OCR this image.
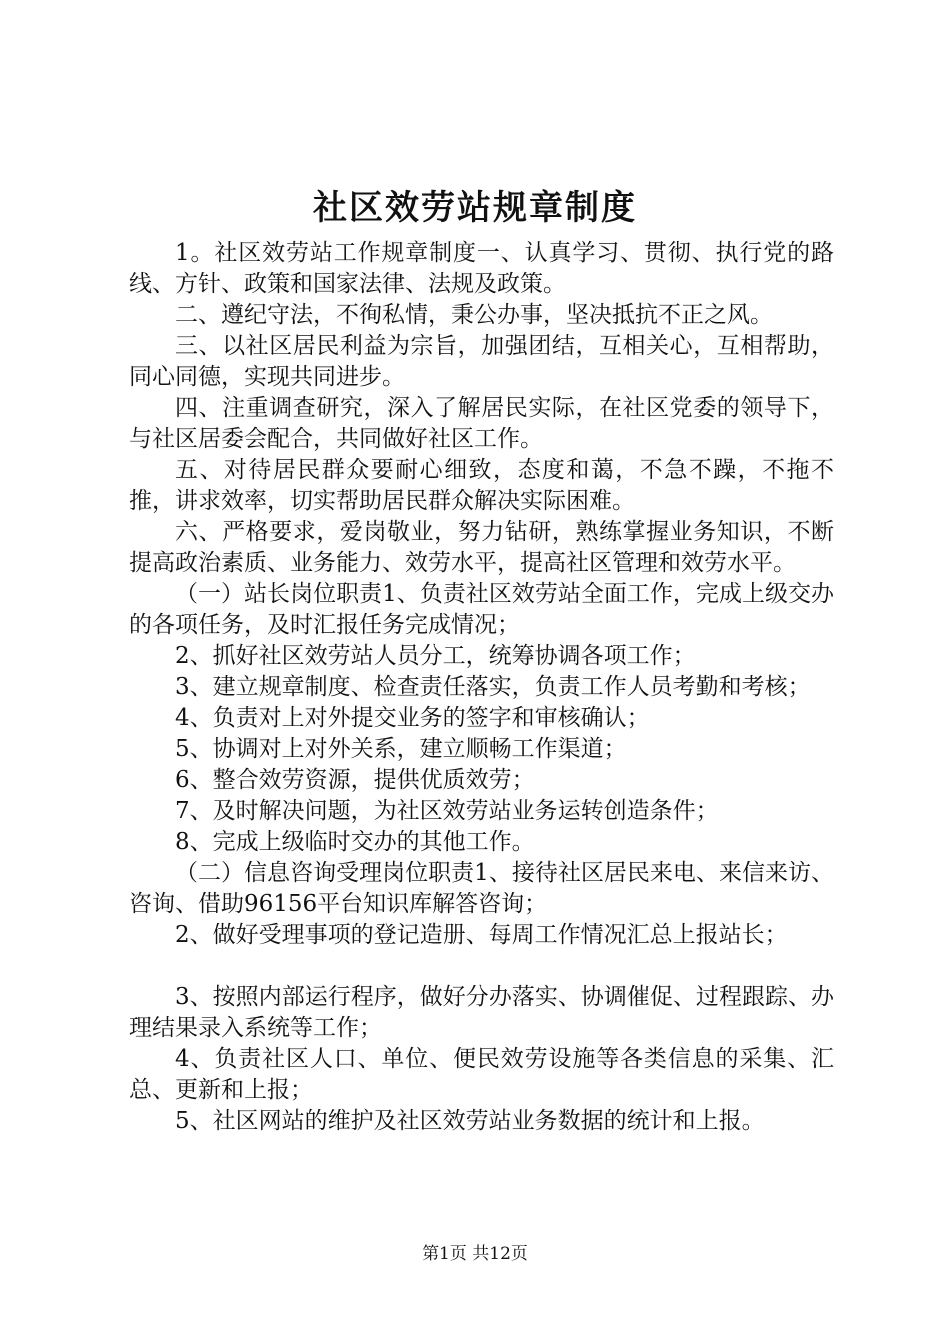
社区效劳站规章制度

1。社区效劳站工作规章制度一、认真学习、贯彻、执行党的路线、方针、政策和国家法律、法规及政策。

二、遵纪守法，不徇私情，秉公办事，坚决抵抗不正之风。

三、以社区居民利益为宗旨，加强团结，互相关心，互相帮助，同心同德，实现共同进步。

四、注重调查研究，深入了解居民实际，在社区党委的领导下，与社区居委会配合，共同做好社区工作。

五、对待居民群众要耐心细致，态度和蔼，不急不躁，不拖不推，讲求效率，切实帮助居民群众解决实际困难。

六、严格要求，爱岗敬业，努力钻研，熟练掌握业务知识，不断提高政治素质、业务能力、效劳水平，提高社区管理和效劳水平。

（一）站长岗位职责1、负责社区效劳站全面工作，完成上级交办的各项任务，及时汇报任务完成情况；

2、抓好社区效劳站人员分工，统筹协调各项工作；

3、建立规章制度、检查责任落实，负责工作人员考勤和考核；

4、负责对上对外提交业务的签字和审核确认；

5、协调对上对外关系，建立顺畅工作渠道；

6、整合效劳资源，提供优质效劳；

7、及时解决问题，为社区效劳站业务运转创造条件；

8、完成上级临时交办的其他工作。

（二）信息咨询受理岗位职责1、接待社区居民来电、来信来访、咨询、借助96156平台知识库解答咨询；

2、做好受理事项的登记造册、每周工作情况汇总上报站长；

3、按照内部运行程序，做好分办落实、协调催促、过程跟踪、办理结果录入系统等工作；

4、负责社区人口、单位、便民效劳设施等各类信息的采集、汇总、更新和上报；

5、社区网站的维护及社区效劳站业务数据的统计和上报。

第1页 共12页
